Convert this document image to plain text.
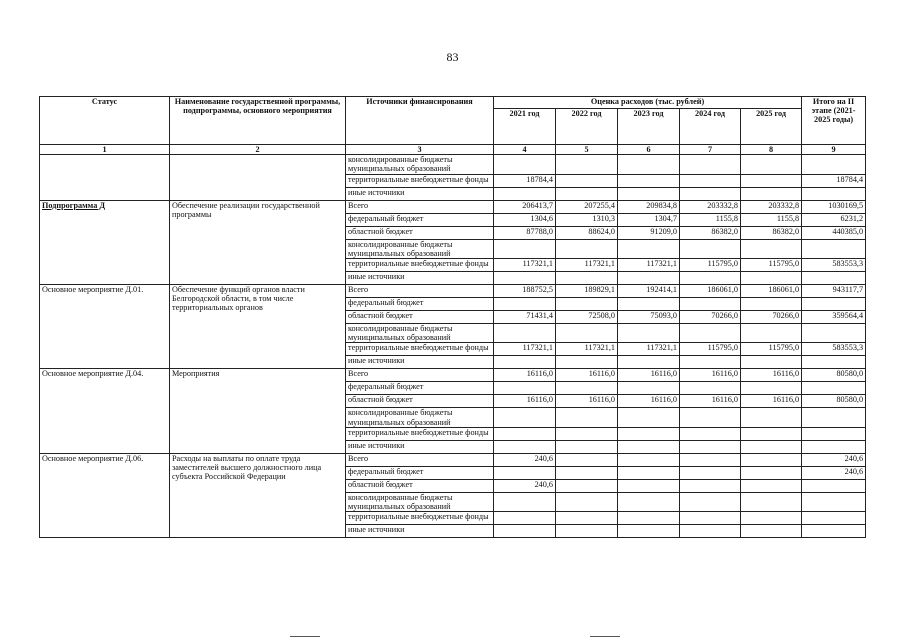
83
Статус	Наименование государственной программы, подпрограммы, основного мероприятия	Источники финансирования	Оценка расходов (тыс. рублей)					Итого на II этапе (2021-2025 годы)
			2021 год	2022 год	2023 год	2024 год	2025 год	
1	2	3	4	5	6	7	8	9
		консолидированные бюджеты муниципальных образований						
		территориальные внебюджетные фонды	18784,4					18784,4
		иные источники						
Подпрограмма Д	Обеспечение реализации государственной программы	Всего	206413,7	207255,4	209834,8	203332,8	203332,8	1030169,5
		федеральный бюджет	1304,6	1310,3	1304,7	1155,8	1155,8	6231,2
		областной бюджет	87788,0	88624,0	91209,0	86382,0	86382,0	440385,0
		консолидированные бюджеты муниципальных образований						
		территориальные внебюджетные фонды	117321,1	117321,1	117321,1	115795,0	115795,0	583553,3
		иные источники						
Основное мероприятие Д.01.	Обеспечение функций органов власти Белгородской области, в том числе территориальных органов	Всего	188752,5	189829,1	192414,1	186061,0	186061,0	943117,7
		федеральный бюджет						
		областной бюджет	71431,4	72508,0	75093,0	70266,0	70266,0	359564,4
		консолидированные бюджеты муниципальных образований						
		территориальные внебюджетные фонды	117321,1	117321,1	117321,1	115795,0	115795,0	583553,3
		иные источники						
Основное мероприятие Д.04.	Мероприятия	Всего	16116,0	16116,0	16116,0	16116,0	16116,0	80580,0
		федеральный бюджет						
		областной бюджет	16116,0	16116,0	16116,0	16116,0	16116,0	80580,0
		консолидированные бюджеты муниципальных образований						
		территориальные внебюджетные фонды						
		иные источники						
Основное мероприятие Д.06.	Расходы на выплаты по оплате труда заместителей высшего должностного лица субъекта Российской Федерации	Всего	240,6					240,6
		федеральный бюджет						240,6
		областной бюджет	240,6					
		консолидированные бюджеты муниципальных образований						
		территориальные внебюджетные фонды						
		иные источники						
